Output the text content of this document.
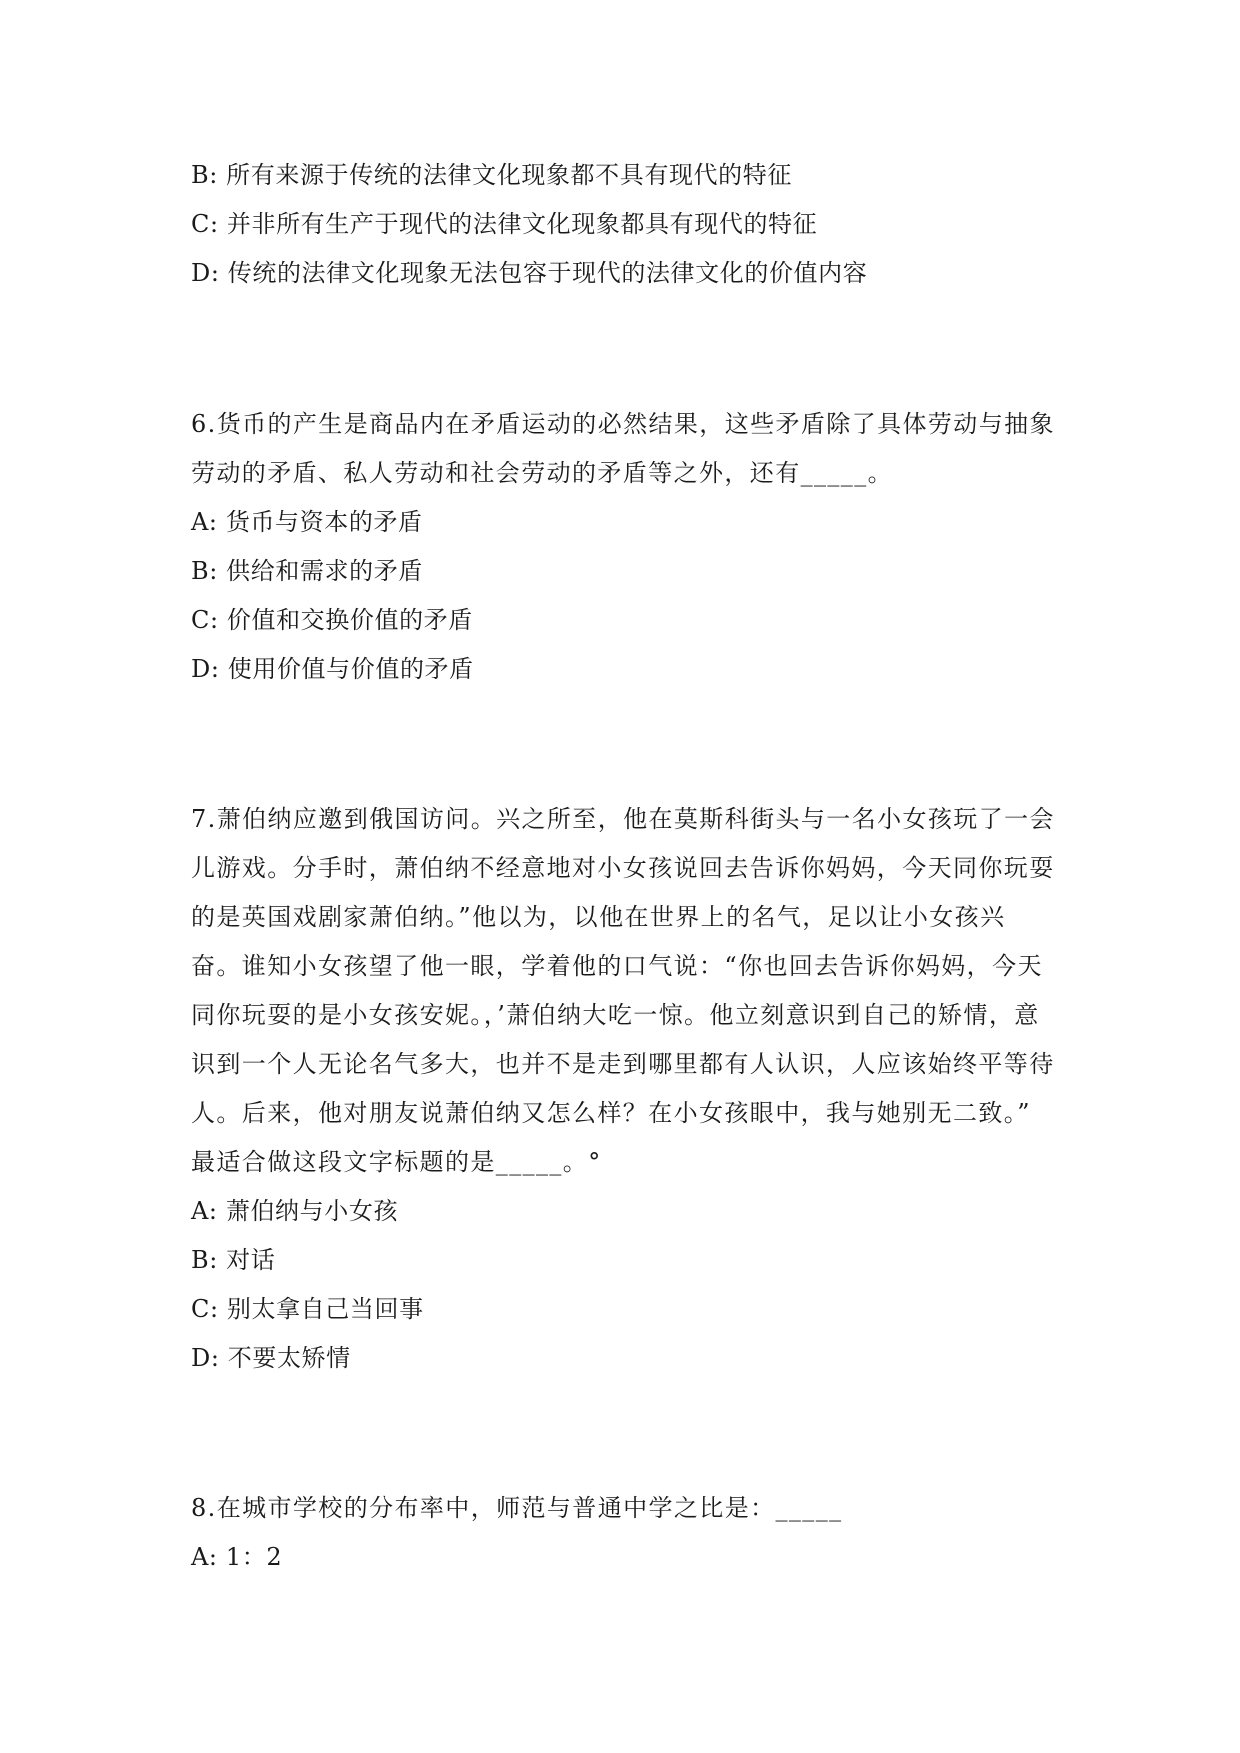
B: 所有来源于传统的法律文化现象都不具有现代的特征
C: 并非所有生产于现代的法律文化现象都具有现代的特征
D: 传统的法律文化现象无法包容于现代的法律文化的价值内容
6.货币的产生是商品内在矛盾运动的必然结果，这些矛盾除了具体劳动与抽象
劳动的矛盾、私人劳动和社会劳动的矛盾等之外，还有_____。
A: 货币与资本的矛盾
B: 供给和需求的矛盾
C: 价值和交换价值的矛盾
D: 使用价值与价值的矛盾
7.萧伯纳应邀到俄国访问。兴之所至，他在莫斯科街头与一名小女孩玩了一会
儿游戏。分手时，萧伯纳不经意地对小女孩说回去告诉你妈妈，今天同你玩耍
的是英国戏剧家萧伯纳。”他以为，以他在世界上的名气，足以让小女孩兴
奋。谁知小女孩望了他一眼，学着他的口气说：“你也回去告诉你妈妈，今天
同你玩耍的是小女孩安妮。，’萧伯纳大吃一惊。他立刻意识到自己的矫情，意
识到一个人无论名气多大，也并不是走到哪里都有人认识，人应该始终平等待
人。后来，他对朋友说萧伯纳又怎么样？在小女孩眼中，我与她别无二致。”
最适合做这段文字标题的是_____。°
A: 萧伯纳与小女孩
B: 对话
C: 别太拿自己当回事
D: 不要太矫情
8.在城市学校的分布率中，师范与普通中学之比是：_____
A: 1：2
